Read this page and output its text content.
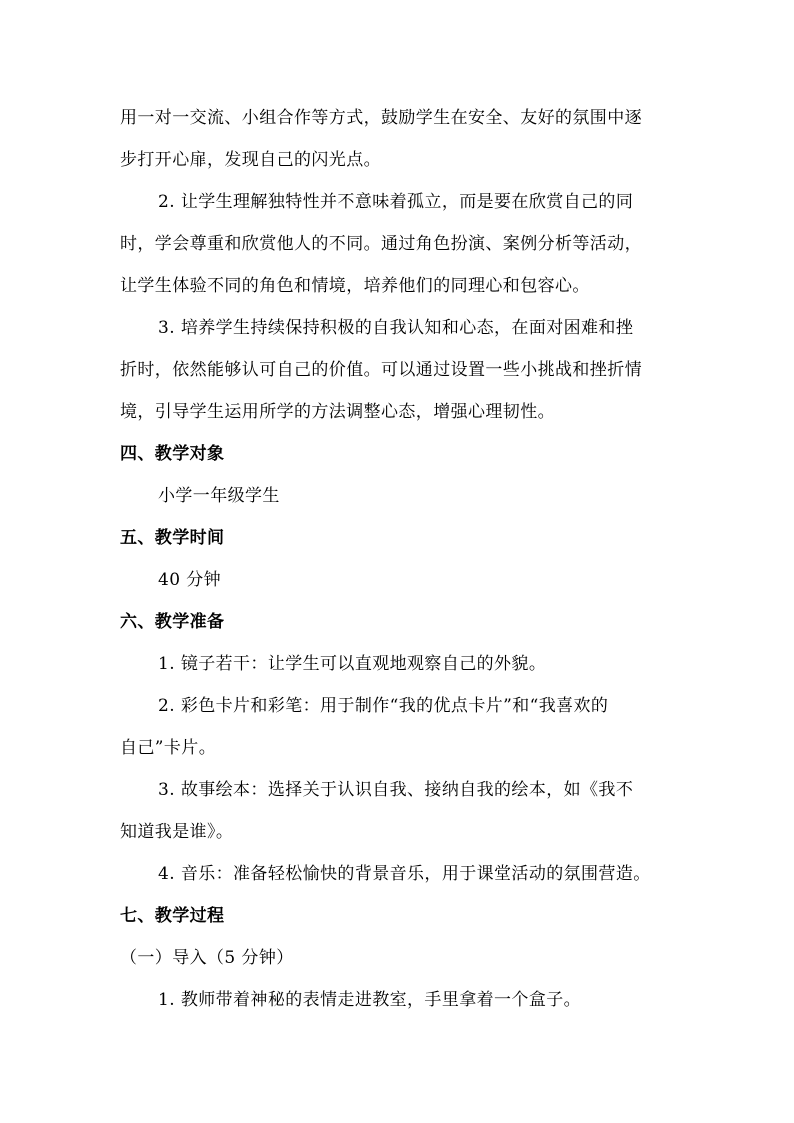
用一对一交流、小组合作等方式，鼓励学生在安全、友好的氛围中逐
步打开心扉，发现自己的闪光点。
2. 让学生理解独特性并不意味着孤立，而是要在欣赏自己的同
时，学会尊重和欣赏他人的不同。通过角色扮演、案例分析等活动，
让学生体验不同的角色和情境，培养他们的同理心和包容心。
3. 培养学生持续保持积极的自我认知和心态，在面对困难和挫
折时，依然能够认可自己的价值。可以通过设置一些小挑战和挫折情
境，引导学生运用所学的方法调整心态，增强心理韧性。
四、教学对象
小学一年级学生
五、教学时间
40 分钟
六、教学准备
1. 镜子若干：让学生可以直观地观察自己的外貌。
2. 彩色卡片和彩笔：用于制作“我的优点卡片”和“我喜欢的
自己”卡片。
3. 故事绘本：选择关于认识自我、接纳自我的绘本，如《我不
知道我是谁》。
4. 音乐：准备轻松愉快的背景音乐，用于课堂活动的氛围营造。
七、教学过程
（一）导入（5 分钟）
1. 教师带着神秘的表情走进教室，手里拿着一个盒子。
